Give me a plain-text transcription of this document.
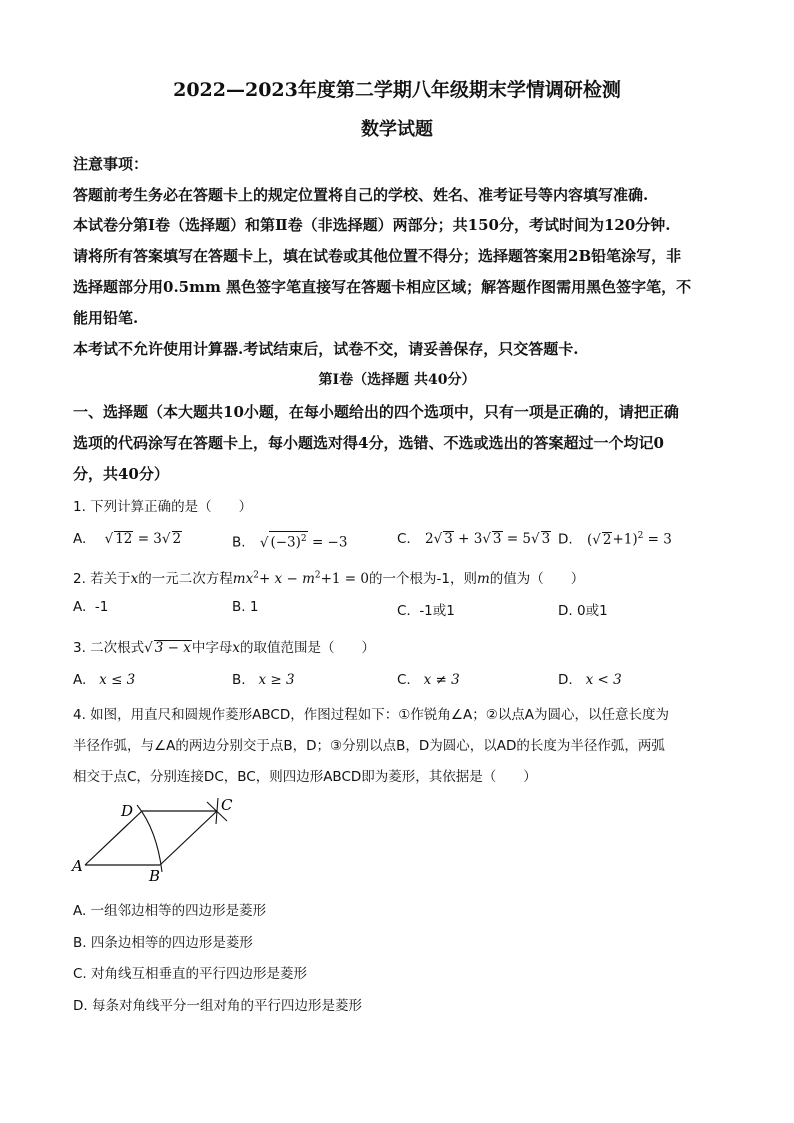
2022—2023年度第二学期八年级期末学情调研检测
数学试题
注意事项：
答题前考生务必在答题卡上的规定位置将自己的学校、姓名、准考证号等内容填写准确.
本试卷分第Ⅰ卷（选择题）和第Ⅱ卷（非选择题）两部分；共150分，考试时间为120分钟.
请将所有答案填写在答题卡上，填在试卷或其他位置不得分；选择题答案用2B铅笔涂写，非
选择题部分用0.5mm 黑色签字笔直接写在答题卡相应区域；解答题作图需用黑色签字笔，不
能用铅笔.
本考试不允许使用计算器.考试结束后，试卷不交，请妥善保存，只交答题卡.
第Ⅰ卷（选择题 共40分）
一、选择题（本大题共10小题，在每小题给出的四个选项中，只有一项是正确的，请把正确
选项的代码涂写在答题卡上，每小题选对得4分，选错、不选或选出的答案超过一个均记0
分，共40分）
1. 下列计算正确的是（　　）
A. √ 12 = 3√ 2	B. √ $(-3)^2 = -3$	C. 2√ 3 + 3√ 3 = 5√ 3 D. (√ 2+1)$^2$ = 3
2. 若关于x的一元二次方程$mx^2+ x - m^2+1 = 0$的一个根为-1，则m的值为（　　）
A. -1	B. 1	C. -1或1	D. 0或1
3. 二次根式√ 3 − x中字母x的取值范围是（　　）
A. x ≤ 3	B. x ≥ 3	C. x ≠ 3	D. x < 3
4. 如图，用直尺和圆规作菱形ABCD，作图过程如下：①作锐角∠A；②以点A为圆心，以任意长度为
半径作弧，与∠A的两边分别交于点B，D；③分别以点B，D为圆心，以AD的长度为半径作弧，两弧
相交于点C，分别连接DC，BC，则四边形ABCD即为菱形，其依据是（　　）
A
B
C
D
A. 一组邻边相等的四边形是菱形
B. 四条边相等的四边形是菱形
C. 对角线互相垂直的平行四边形是菱形
D. 每条对角线平分一组对角的平行四边形是菱形
